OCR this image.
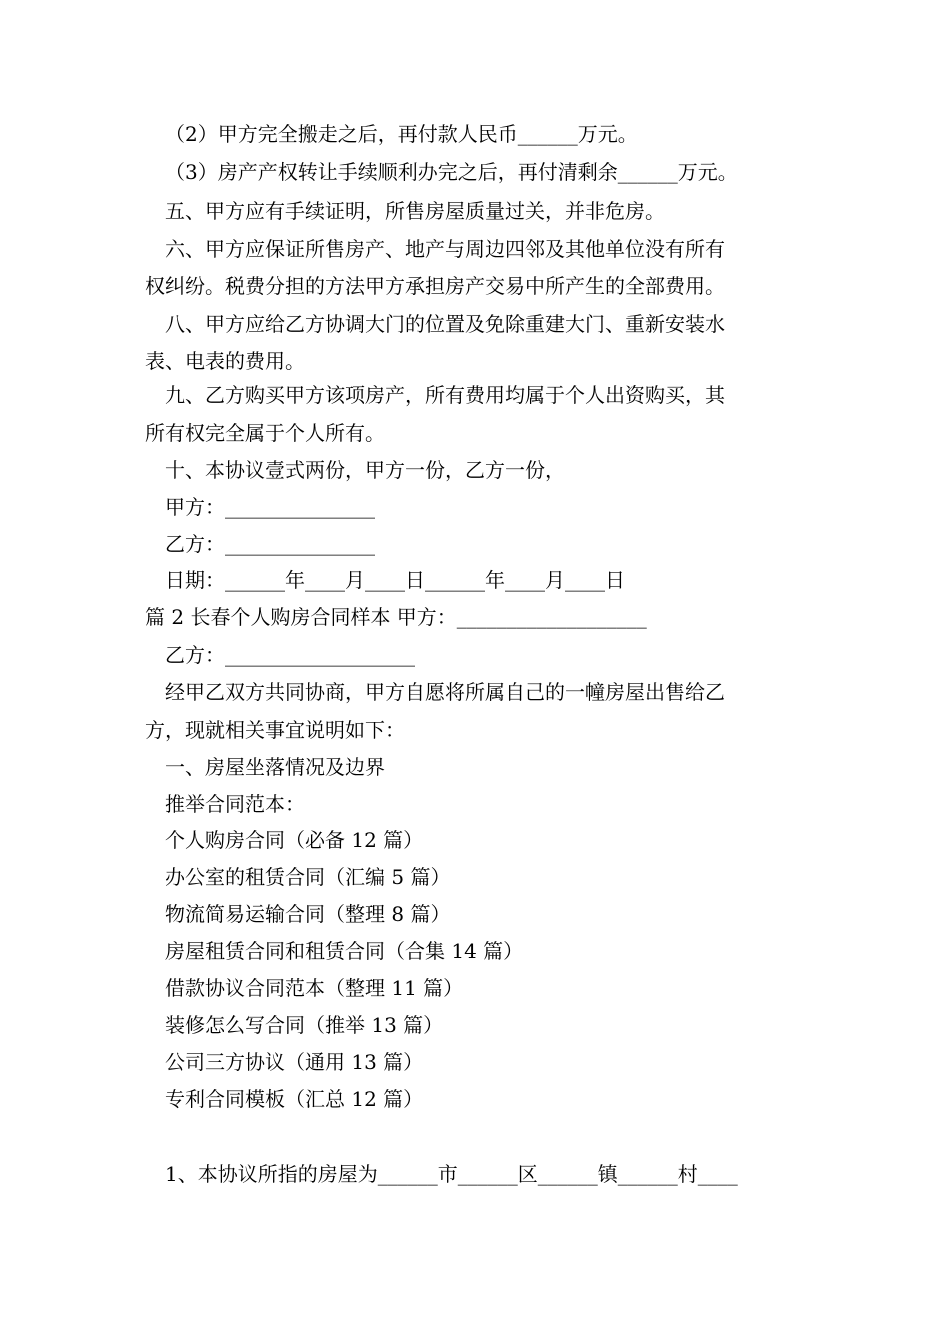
（2）甲方完全搬走之后，再付款人民币______万元。
（3）房产产权转让手续顺利办完之后，再付清剩余______万元。
五、甲方应有手续证明，所售房屋质量过关，并非危房。
六、甲方应保证所售房产、地产与周边四邻及其他单位没有所有
权纠纷。税费分担的方法甲方承担房产交易中所产生的全部费用。
八、甲方应给乙方协调大门的位置及免除重建大门、重新安装水
表、电表的费用。
九、乙方购买甲方该项房产，所有费用均属于个人出资购买，其
所有权完全属于个人所有。
十、本协议壹式两份，甲方一份，乙方一份，
甲方：_______________
乙方：_______________
日期：______年____月____日______年____月____日
篇 2 长春个人购房合同样本 甲方：___________________
乙方：___________________
经甲乙双方共同协商，甲方自愿将所属自己的一幢房屋出售给乙
方，现就相关事宜说明如下：
一、房屋坐落情况及边界
推举合同范本：
个人购房合同（必备 12 篇）
办公室的租赁合同（汇编 5 篇）
物流简易运输合同（整理 8 篇）
房屋租赁合同和租赁合同（合集 14 篇）
借款协议合同范本（整理 11 篇）
装修怎么写合同（推举 13 篇）
公司三方协议（通用 13 篇）
专利合同模板（汇总 12 篇）
1、本协议所指的房屋为______市______区______镇______村____
